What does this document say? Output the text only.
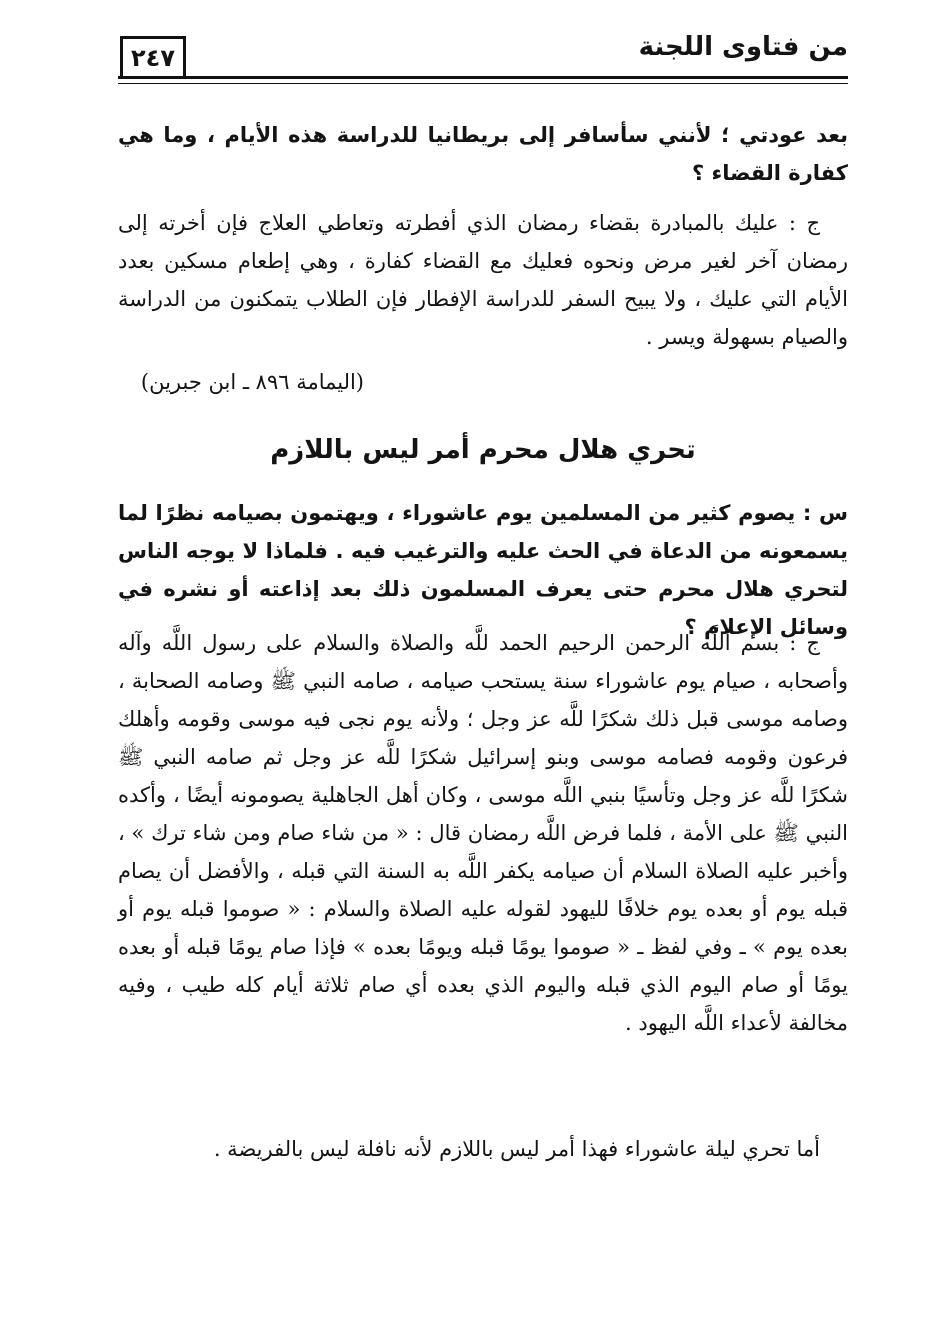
٢٤٧	من فتاوى اللجنة
بعد عودتي ؛ لأنني سأسافر إلى بريطانيا للدراسة هذه الأيام ، وما هي كفارة القضاء ؟
ج : عليك بالمبادرة بقضاء رمضان الذي أفطرته وتعاطي العلاج فإن أخرته إلى رمضان آخر لغير مرض ونحوه فعليك مع القضاء كفارة ، وهي إطعام مسكين بعدد الأيام التي عليك ، ولا يبيح السفر للدراسة الإفطار فإن الطلاب يتمكنون من الدراسة والصيام بسهولة ويسر .
(اليمامة ٨٩٦ ـ ابن جبرين)
تحري هلال محرم أمر ليس باللازم
س : يصوم كثير من المسلمين يوم عاشوراء ، ويهتمون بصيامه نظرًا لما يسمعونه من الدعاة في الحث عليه والترغيب فيه . فلماذا لا يوجه الناس لتحري هلال محرم حتى يعرف المسلمون ذلك بعد إذاعته أو نشره في وسائل الإعلام ؟
ج : بسم اللَّه الرحمن الرحيم الحمد للَّه والصلاة والسلام على رسول اللَّه وآله وأصحابه ، صيام يوم عاشوراء سنة يستحب صيامه ، صامه النبي ﷺ وصامه الصحابة ، وصامه موسى قبل ذلك شكرًا للَّه عز وجل ؛ ولأنه يوم نجى فيه موسى وقومه وأهلك فرعون وقومه فصامه موسى وبنو إسرائيل شكرًا للَّه عز وجل ثم صامه النبي ﷺ شكرًا للَّه عز وجل وتأسيًا بنبي اللَّه موسى ، وكان أهل الجاهلية يصومونه أيضًا ، وأكده النبي ﷺ على الأمة ، فلما فرض اللَّه رمضان قال : « من شاء صام ومن شاء ترك » ، وأخبر عليه الصلاة السلام أن صيامه يكفر اللَّه به السنة التي قبله ، والأفضل أن يصام قبله يوم أو بعده يوم خلافًا لليهود لقوله عليه الصلاة والسلام : « صوموا قبله يوم أو بعده يوم » ـ وفي لفظ ـ « صوموا يومًا قبله ويومًا بعده » فإذا صام يومًا قبله أو بعده يومًا أو صام اليوم الذي قبله واليوم الذي بعده أي صام ثلاثة أيام كله طيب ، وفيه مخالفة لأعداء اللَّه اليهود .
أما تحري ليلة عاشوراء فهذا أمر ليس باللازم لأنه نافلة ليس بالفريضة .
